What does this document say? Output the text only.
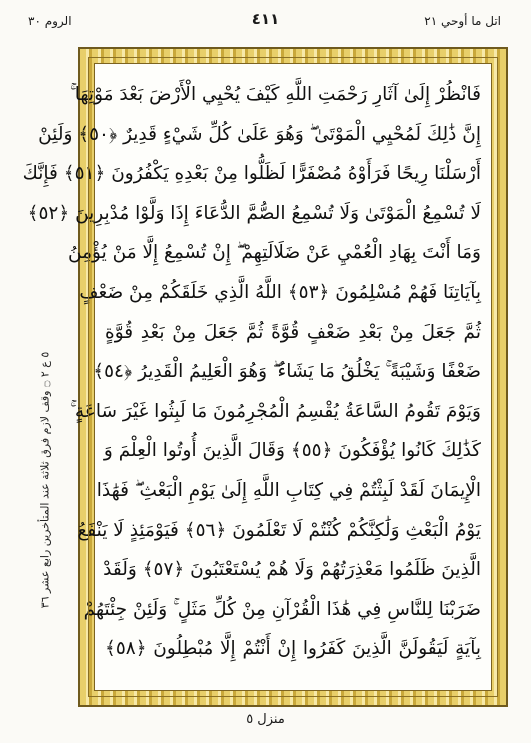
اتل ما أوحي ٢١
٤١١
الروم ٣٠
٥ ع ٢ ۝ وقف لازم فرق ثلاثة عند المتأخرين رابع عشر ٣٦
فَانْظُرْ إِلَىٰ آثَارِ رَحْمَتِ اللَّهِ كَيْفَ يُحْيِي الْأَرْضَ بَعْدَ مَوْتِهَا ۚ
إِنَّ ذَٰلِكَ لَمُحْيِي الْمَوْتَىٰ ۖ وَهُوَ عَلَىٰ كُلِّ شَيْءٍ قَدِيرٌ ﴿٥٠﴾ وَلَئِنْ
أَرْسَلْنَا رِيحًا فَرَأَوْهُ مُصْفَرًّا لَظَلُّوا مِنْ بَعْدِهِ يَكْفُرُونَ ﴿٥١﴾ فَإِنَّكَ
لَا تُسْمِعُ الْمَوْتَىٰ وَلَا تُسْمِعُ الصُّمَّ الدُّعَاءَ إِذَا وَلَّوْا مُدْبِرِينَ ﴿٥٢﴾
وَمَا أَنْتَ بِهَادِ الْعُمْيِ عَنْ ضَلَالَتِهِمْ ۖ إِنْ تُسْمِعُ إِلَّا مَنْ يُؤْمِنُ
بِآيَاتِنَا فَهُمْ مُسْلِمُونَ ﴿٥٣﴾ اللَّهُ الَّذِي خَلَقَكُمْ مِنْ ضَعْفٍ
ثُمَّ جَعَلَ مِنْ بَعْدِ ضَعْفٍ قُوَّةً ثُمَّ جَعَلَ مِنْ بَعْدِ قُوَّةٍ
ضَعْفًا وَشَيْبَةً ۚ يَخْلُقُ مَا يَشَاءُ ۖ وَهُوَ الْعَلِيمُ الْقَدِيرُ ﴿٥٤﴾
وَيَوْمَ تَقُومُ السَّاعَةُ يُقْسِمُ الْمُجْرِمُونَ مَا لَبِثُوا غَيْرَ سَاعَةٍ ۚ
كَذَٰلِكَ كَانُوا يُؤْفَكُونَ ﴿٥٥﴾ وَقَالَ الَّذِينَ أُوتُوا الْعِلْمَ وَ
الْإِيمَانَ لَقَدْ لَبِثْتُمْ فِي كِتَابِ اللَّهِ إِلَىٰ يَوْمِ الْبَعْثِ ۖ فَهَٰذَا
يَوْمُ الْبَعْثِ وَلَٰكِنَّكُمْ كُنْتُمْ لَا تَعْلَمُونَ ﴿٥٦﴾ فَيَوْمَئِذٍ لَا يَنْفَعُ
الَّذِينَ ظَلَمُوا مَعْذِرَتُهُمْ وَلَا هُمْ يُسْتَعْتَبُونَ ﴿٥٧﴾ وَلَقَدْ
ضَرَبْنَا لِلنَّاسِ فِي هَٰذَا الْقُرْآنِ مِنْ كُلِّ مَثَلٍ ۚ وَلَئِنْ جِئْتَهُمْ
بِآيَةٍ لَيَقُولَنَّ الَّذِينَ كَفَرُوا إِنْ أَنْتُمْ إِلَّا مُبْطِلُونَ ﴿٥٨﴾
منزل ٥
